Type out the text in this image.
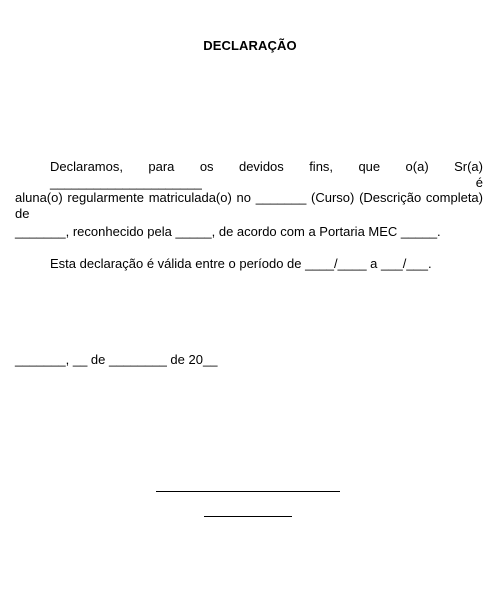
DECLARAÇÃO
Declaramos, para os devidos fins, que o(a) Sr(a) _____________________ é
aluna(o) regularmente matriculada(o) no _______ (Curso) (Descrição completa) de
_______, reconhecido pela _____, de acordo com a Portaria MEC _____.
Esta declaração é válida entre o período de ____/____ a ___/___.
_______, __ de ________ de 20__
